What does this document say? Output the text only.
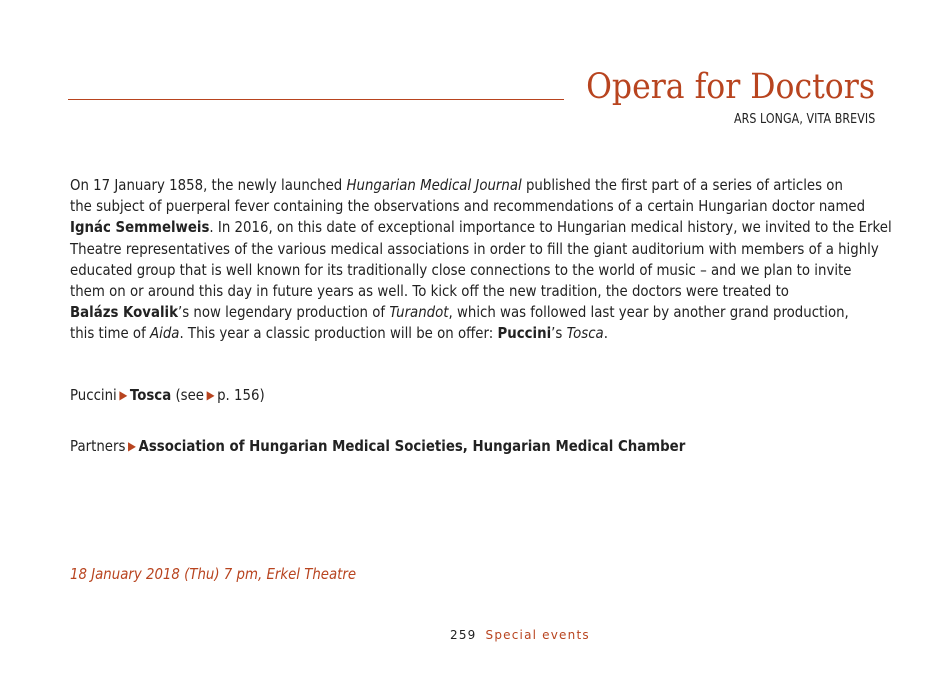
Opera for Doctors
ARS LONGA, VITA BREVIS
On 17 January 1858, the newly launched Hungarian Medical Journal published the first part of a series of articles on
the subject of puerperal fever containing the observations and recommendations of a certain Hungarian doctor named
Ignác Semmelweis. In 2016, on this date of exceptional importance to Hungarian medical history, we invited to the Erkel
Theatre representatives of the various medical associations in order to fill the giant auditorium with members of a highly
educated group that is well known for its traditionally close connections to the world of music – and we plan to invite
them on or around this day in future years as well. To kick off the new tradition, the doctors were treated to
Balázs Kovalik’s now legendary production of Turandot, which was followed last year by another grand production,
this time of Aida. This year a classic production will be on offer: Puccini’s Tosca.
Puccini ▶ Tosca (see ▶ p. 156)
Partners ▶ Association of Hungarian Medical Societies, Hungarian Medical Chamber
18 January 2018 (Thu) 7 pm, Erkel Theatre
259 Special events
